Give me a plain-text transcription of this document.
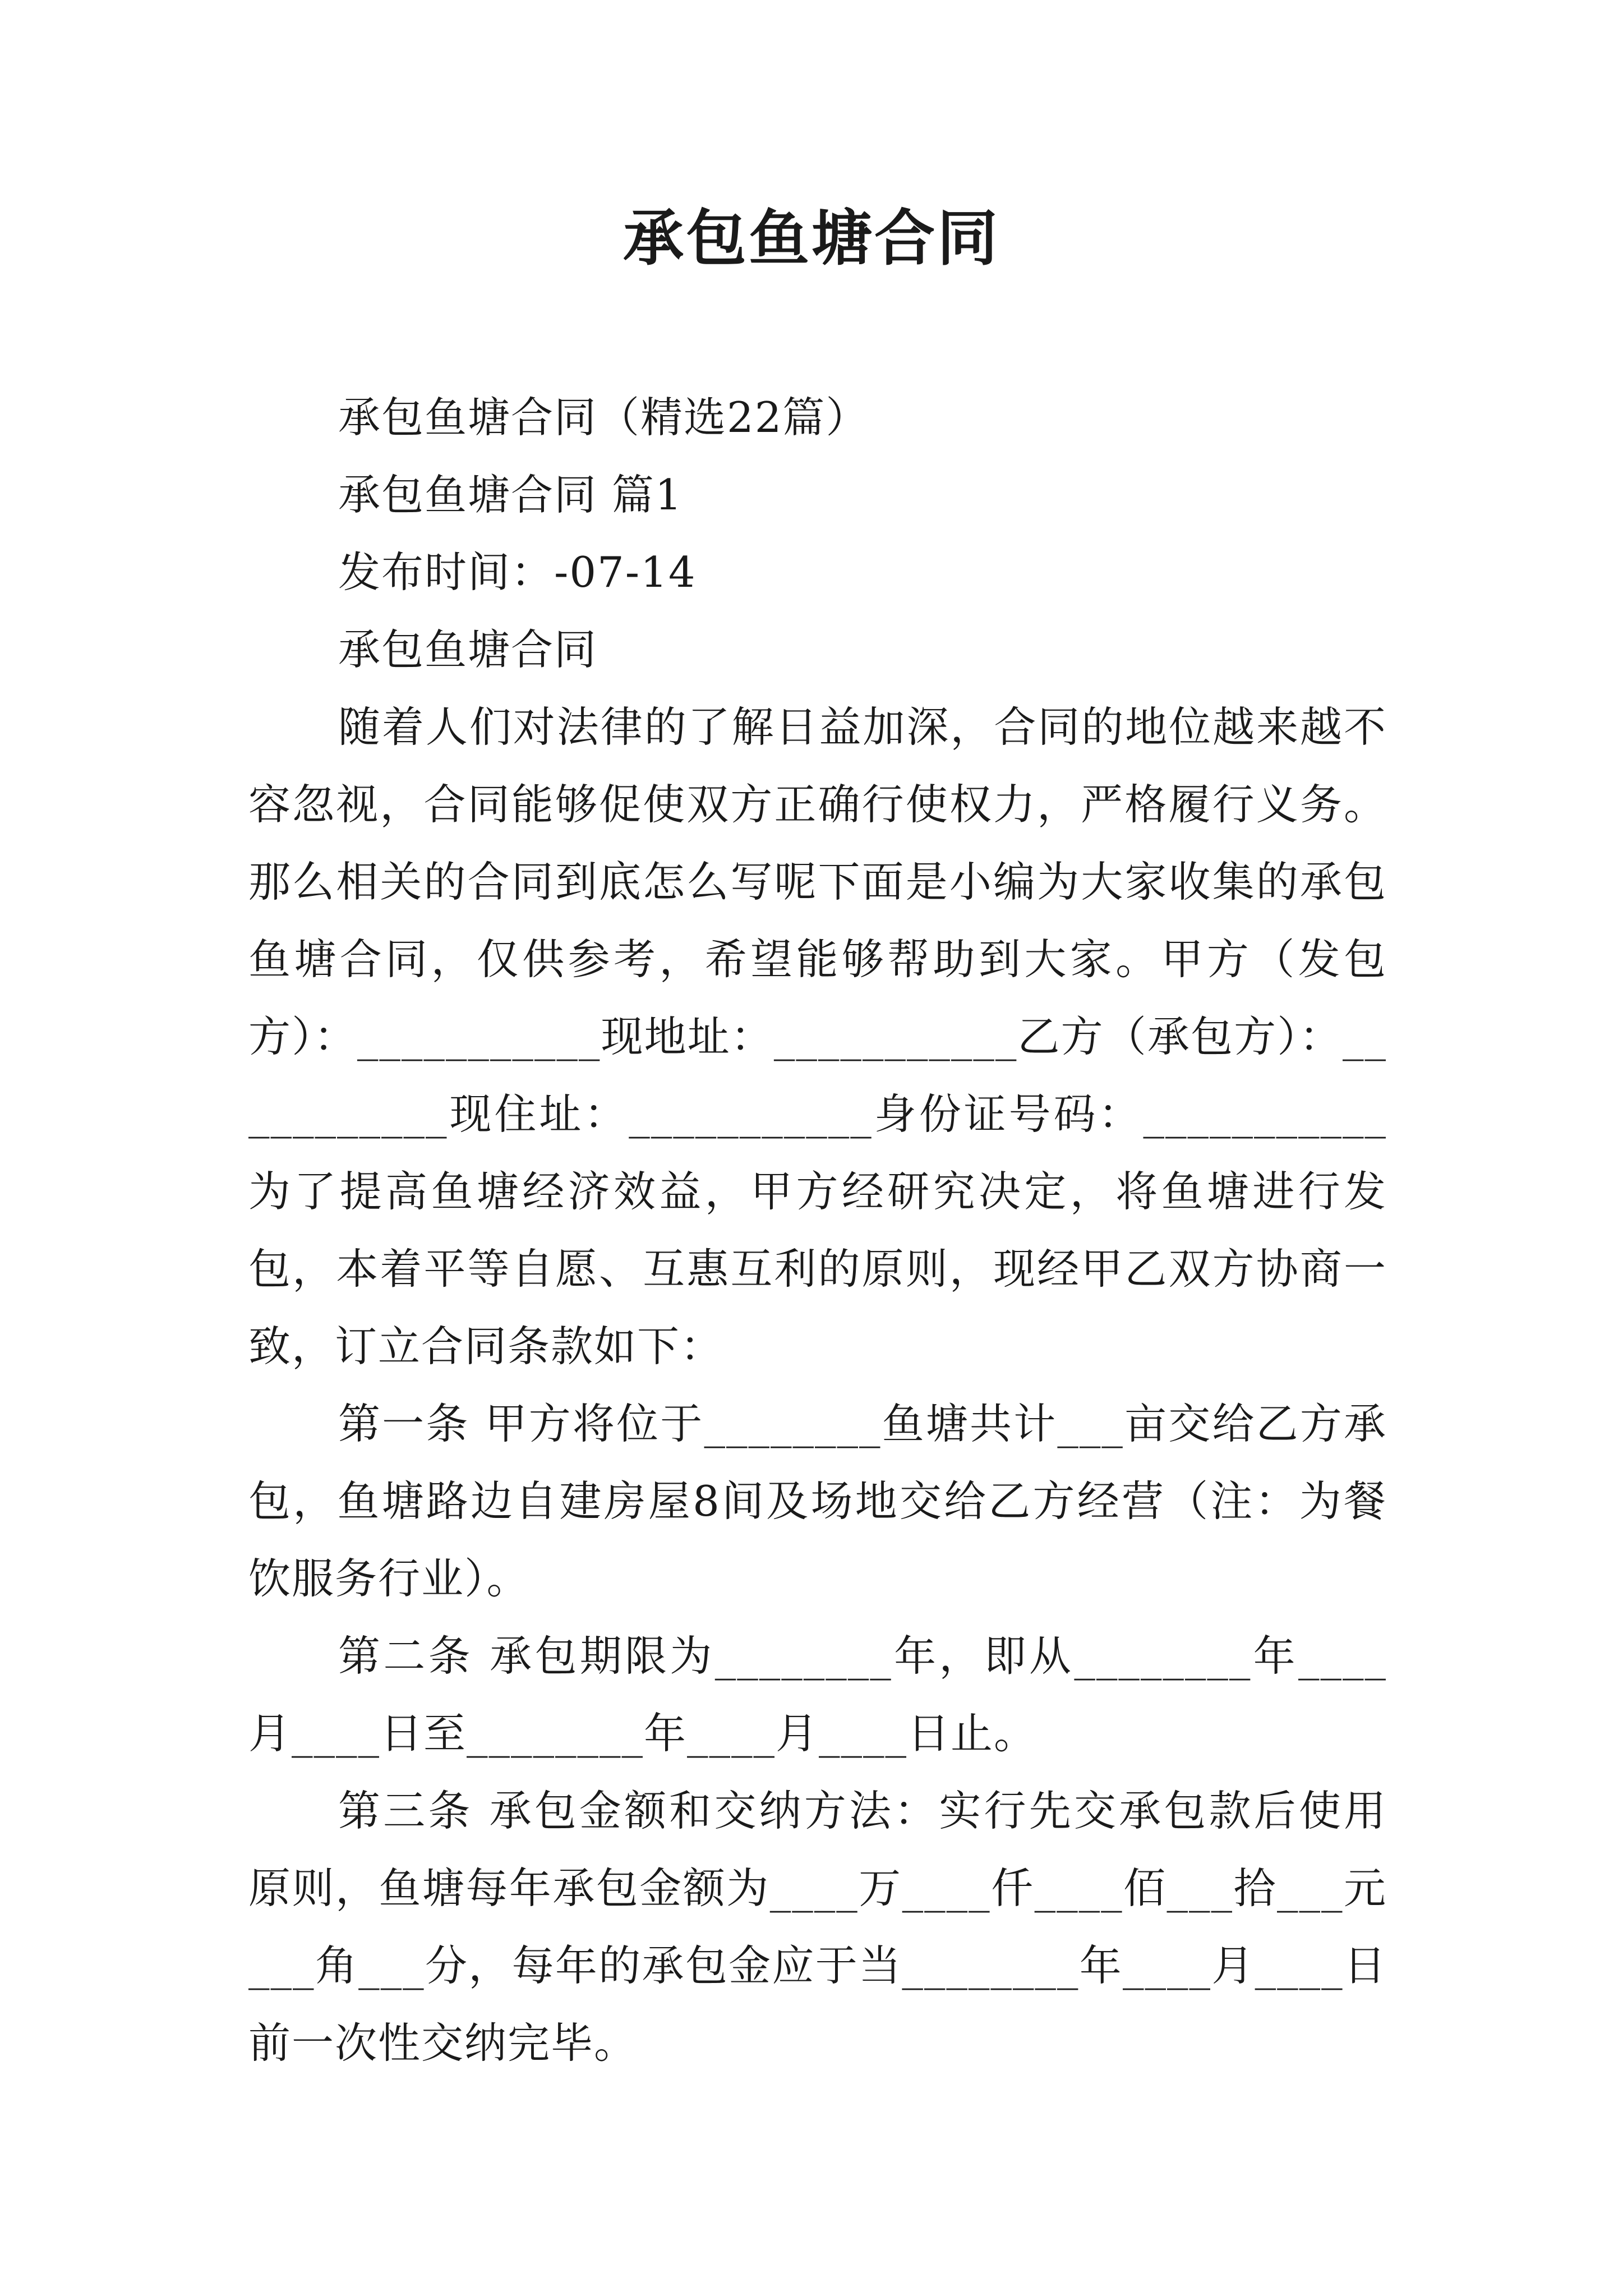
承包鱼塘合同

承包鱼塘合同（精选22篇）

承包鱼塘合同 篇1

发布时间：-07-14

承包鱼塘合同

随着人们对法律的了解日益加深，合同的地位越来越不容忽视，合同能够促使双方正确行使权力，严格履行义务。那么相关的合同到底怎么写呢下面是小编为大家收集的承包鱼塘合同，仅供参考，希望能够帮助到大家。甲方（发包方）：___________现地址：___________乙方（承包方）：___________现住址：___________身份证号码：___________为了提高鱼塘经济效益，甲方经研究决定，将鱼塘进行发包，本着平等自愿、互惠互利的原则，现经甲乙双方协商一致，订立合同条款如下：

第一条 甲方将位于________鱼塘共计___亩交给乙方承包，鱼塘路边自建房屋8间及场地交给乙方经营（注：为餐饮服务行业）。

第二条 承包期限为________年，即从________年____月____日至________年____月____日止。

第三条 承包金额和交纳方法：实行先交承包款后使用原则，鱼塘每年承包金额为____万____仟____佰___拾___元___角___分，每年的承包金应于当________年____月____日前一次性交纳完毕。
